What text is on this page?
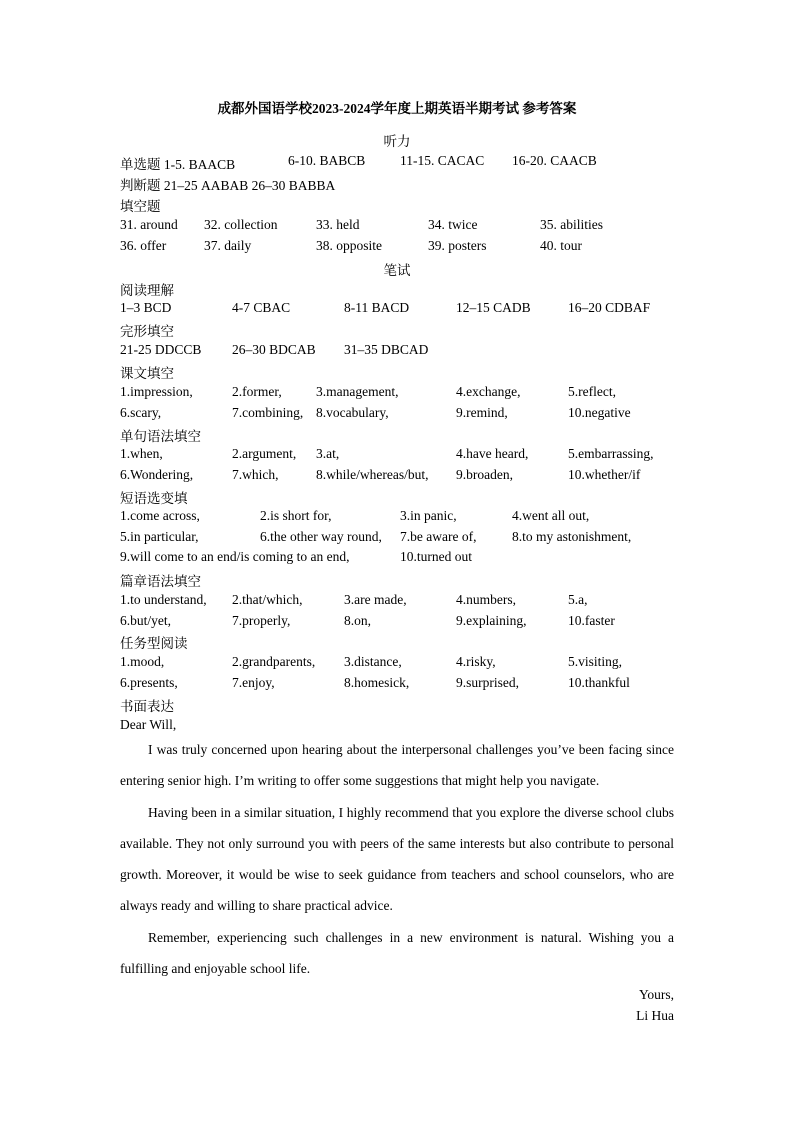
成都外国语学校2023-2024学年度上期英语半期考试 参考答案
听力
单选题 1-5. BAACB	6-10. BABCB	11-15. CACAC 16-20. CAACB
判断题 21–25 AABAB 26–30 BABBA
填空题
31. around 32. collection	33. held	34. twice	35. abilities
36. offer	37. daily	38. opposite	39. posters	40. tour
笔试
阅读理解
1–3 BCD	4-7 CBAC	8-11 BACD	12–15 CADB	16–20 CDBAF
完形填空
21-25 DDCCB 26–30 BDCAB 31–35 DBCAD
课文填空
1.impression,	2.former,	3.management,	4.exchange,	5.reflect,
6.scary,	7.combining, 8.vocabulary,	9.remind,	10.negative
单句语法填空
1.when,	2.argument, 3.at,	4.have heard,	5.embarrassing,
6.Wondering,	7.which,	8.while/whereas/but, 9.broaden,	10.whether/if
短语选变填
1.come across,	2.is short for,	3.in panic,	4.went all out,
5.in particular,	6.the other way round, 7.be aware of,	8.to my astonishment,
9.will come to an end/is coming to an end,	10.turned out
篇章语法填空
1.to understand, 2.that/which,	3.are made,	4.numbers,	5.a,
6.but/yet,	7.properly,	8.on,	9.explaining,	10.faster
任务型阅读
1.mood,	2.grandparents, 3.distance,	4.risky,	5.visiting,
6.presents,	7.enjoy,	8.homesick,	9.surprised,	10.thankful
书面表达
Dear Will,
I was truly concerned upon hearing about the interpersonal challenges you’ve been facing since entering senior high. I’m writing to offer some suggestions that might help you navigate.
Having been in a similar situation, I highly recommend that you explore the diverse school clubs available. They not only surround you with peers of the same interests but also contribute to personal growth. Moreover, it would be wise to seek guidance from teachers and school counselors, who are always ready and willing to share practical advice.
Remember, experiencing such challenges in a new environment is natural. Wishing you a fulfilling and enjoyable school life.
Yours,
Li Hua
